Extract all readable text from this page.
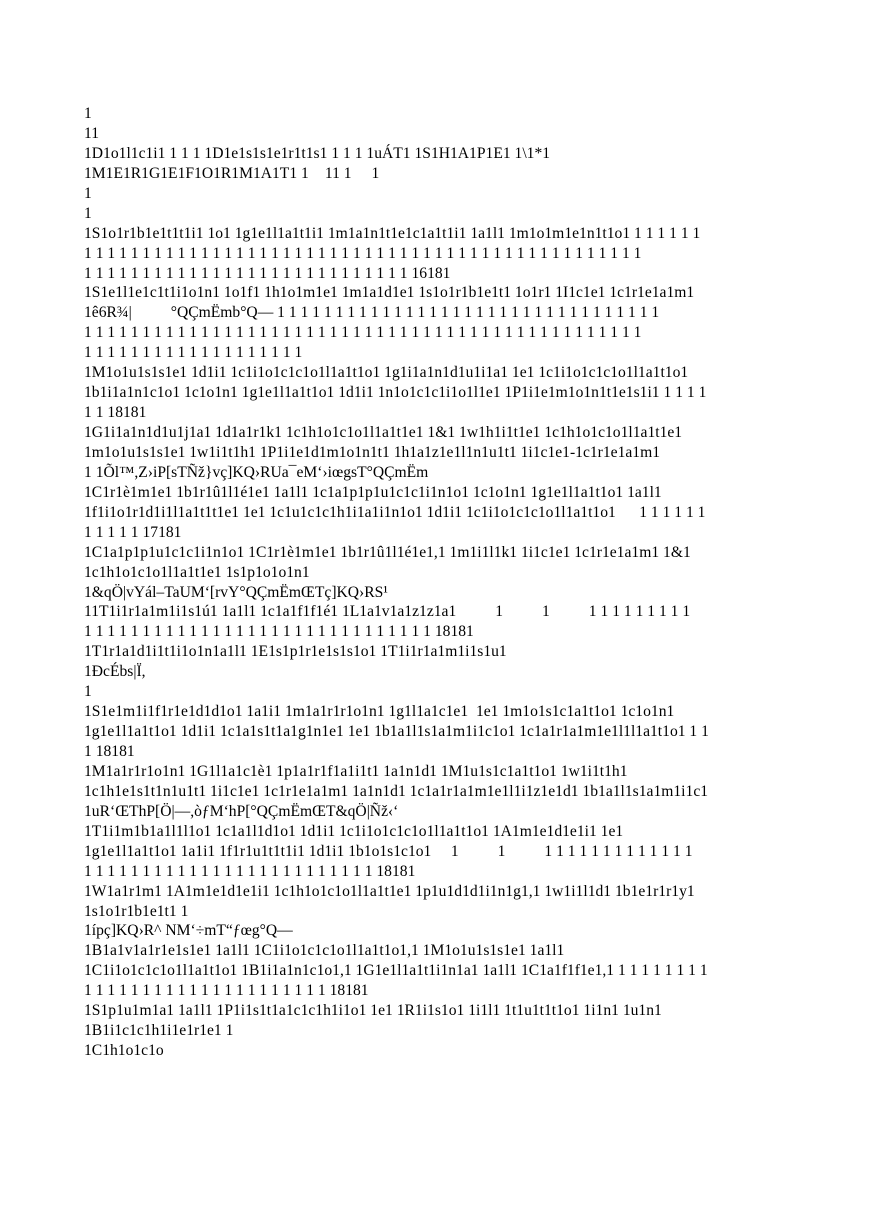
1
11
1D1o1l1c1i1 1 1 1 1D1e1s1s1e1r1t1s1 1 1 1 1uÁT1 1S1H1A1P1E1 1\1*1
1M1E1R1G1E1F1O1R1M1A1T1 1  11 1   1
1
1
1S1o1r1b1e1t1t1i1 1o1 1g1e1l1a1t1i1 1m1a1n1t1e1c1a1t1i1 1a1l1 1m1o1m1e1n1t1o1 1 1 1 1 1 1
1 1 1 1 1 1 1 1 1 1 1 1 1 1 1 1 1 1 1 1 1 1 1 1 1 1 1 1 1 1 1 1 1 1 1 1 1 1 1 1 1 1 1 1 1 1 1 1
1 1 1 1 1 1 1 1 1 1 1 1 1 1 1 1 1 1 1 1 1 1 1 1 1 1 1 1 16181
1S1e1l1e1c1t1i1o1n1 1o1f1 1h1o1m1e1 1m1a1d1e1 1s1o1r1b1e1t1 1o1r1 1I1c1e1 1c1r1e1a1m1
1ê6R¾|          °QÇmËmb°Q— 1 1 1 1 1 1 1 1 1 1 1 1 1 1 1 1 1 1 1 1 1 1 1 1 1 1 1 1 1 1 1 1 1
1 1 1 1 1 1 1 1 1 1 1 1 1 1 1 1 1 1 1 1 1 1 1 1 1 1 1 1 1 1 1 1 1 1 1 1 1 1 1 1 1 1 1 1 1 1 1 1
1 1 1 1 1 1 1 1 1 1 1 1 1 1 1 1 1 1 1
1M1o1u1s1s1e1 1d1i1 1c1i1o1c1c1o1l1a1t1o1 1g1i1a1n1d1u1i1a1 1e1 1c1i1o1c1c1o1l1a1t1o1
1b1i1a1n1c1o1 1c1o1n1 1g1e1l1a1t1o1 1d1i1 1n1o1c1c1i1o1l1e1 1P1i1e1m1o1n1t1e1s1i1 1 1 1 1
1 1 18181
1G1i1a1n1d1u1j1a1 1d1a1r1k1 1c1h1o1c1o1l1a1t1e1 1&1 1w1h1i1t1e1 1c1h1o1c1o1l1a1t1e1
1m1o1u1s1s1e1 1w1i1t1h1 1P1i1e1d1m1o1n1t1 1h1a1z1e1l1n1u1t1 1i1c1e1-1c1r1e1a1m1
1 1Õl™,Z›iP[sTÑž}vç]KQ›RUa¯eM‘›iœgsT°QÇmËm
1C1r1è1m1e1 1b1r1û1l1é1e1 1a1l1 1c1a1p1p1u1c1c1i1n1o1 1c1o1n1 1g1e1l1a1t1o1 1a1l1
1f1i1o1r1d1i1l1a1t1t1e1 1e1 1c1u1c1c1h1i1a1i1n1o1 1d1i1 1c1i1o1c1c1o1l1a1t1o1      1 1 1 1 1 1
1 1 1 1 1 17181
1C1a1p1p1u1c1c1i1n1o1 1C1r1è1m1e1 1b1r1û1l1é1e1,1 1m1i1l1k1 1i1c1e1 1c1r1e1a1m1 1&1
1c1h1o1c1o1l1a1t1e1 1s1p1o1o1n1
1&qÖ|vYál–TaUM‘[rvY°QÇmËmŒTç]KQ›RS¹
11T1i1r1a1m1i1s1ú1 1a1l1 1c1a1f1f1é1 1L1a1v1a1z1z1a1          1          1          1 1 1 1 1 1 1 1 1
1 1 1 1 1 1 1 1 1 1 1 1 1 1 1 1 1 1 1 1 1 1 1 1 1 1 1 1 1 1 18181
1T1r1a1d1i1t1i1o1n1a1l1 1E1s1p1r1e1s1s1o1 1T1i1r1a1m1i1s1u1
1ÐcÉbs|Ï,
1
1S1e1m1i1f1r1e1d1d1o1 1a1i1 1m1a1r1r1o1n1 1g1l1a1c1e1  1e1 1m1o1s1c1a1t1o1 1c1o1n1
1g1e1l1a1t1o1 1d1i1 1c1a1s1t1a1g1n1e1 1e1 1b1a1l1s1a1m1i1c1o1 1c1a1r1a1m1e1l1l1a1t1o1 1 1
1 18181
1M1a1r1r1o1n1 1G1l1a1c1è1 1p1a1r1f1a1i1t1 1a1n1d1 1M1u1s1c1a1t1o1 1w1i1t1h1
1c1h1e1s1t1n1u1t1 1i1c1e1 1c1r1e1a1m1 1a1n1d1 1c1a1r1a1m1e1l1i1z1e1d1 1b1a1l1s1a1m1i1c1
1uR‘ŒThP[Ö|—,òƒM‘hP[°QÇmËmŒT&qÖ|Ñž‹‘
1T1i1m1b1a1l1l1o1 1c1a1l1d1o1 1d1i1 1c1i1o1c1c1o1l1a1t1o1 1A1m1e1d1e1i1 1e1
1g1e1l1a1t1o1 1a1i1 1f1r1u1t1t1i1 1d1i1 1b1o1s1c1o1     1          1          1 1 1 1 1 1 1 1 1 1 1 1 1
1 1 1 1 1 1 1 1 1 1 1 1 1 1 1 1 1 1 1 1 1 1 1 1 1 18181
1W1a1r1m1 1A1m1e1d1e1i1 1c1h1o1c1o1l1a1t1e1 1p1u1d1d1i1n1g1,1 1w1i1l1d1 1b1e1r1r1y1
1s1o1r1b1e1t1 1
1ípç]KQ›R^ NM‘÷mT“ƒœg°Q—
1B1a1v1a1r1e1s1e1 1a1l1 1C1i1o1c1c1o1l1a1t1o1,1 1M1o1u1s1s1e1 1a1l1
1C1i1o1c1c1o1l1a1t1o1 1B1i1a1n1c1o1,1 1G1e1l1a1t1i1n1a1 1a1l1 1C1a1f1f1e1,1 1 1 1 1 1 1 1 1
1 1 1 1 1 1 1 1 1 1 1 1 1 1 1 1 1 1 1 1 1 18181
1S1p1u1m1a1 1a1l1 1P1i1s1t1a1c1c1h1i1o1 1e1 1R1i1s1o1 1i1l1 1t1u1t1t1o1 1i1n1 1u1n1
1B1i1c1c1h1i1e1r1e1 1
1C1h1o1c1o
